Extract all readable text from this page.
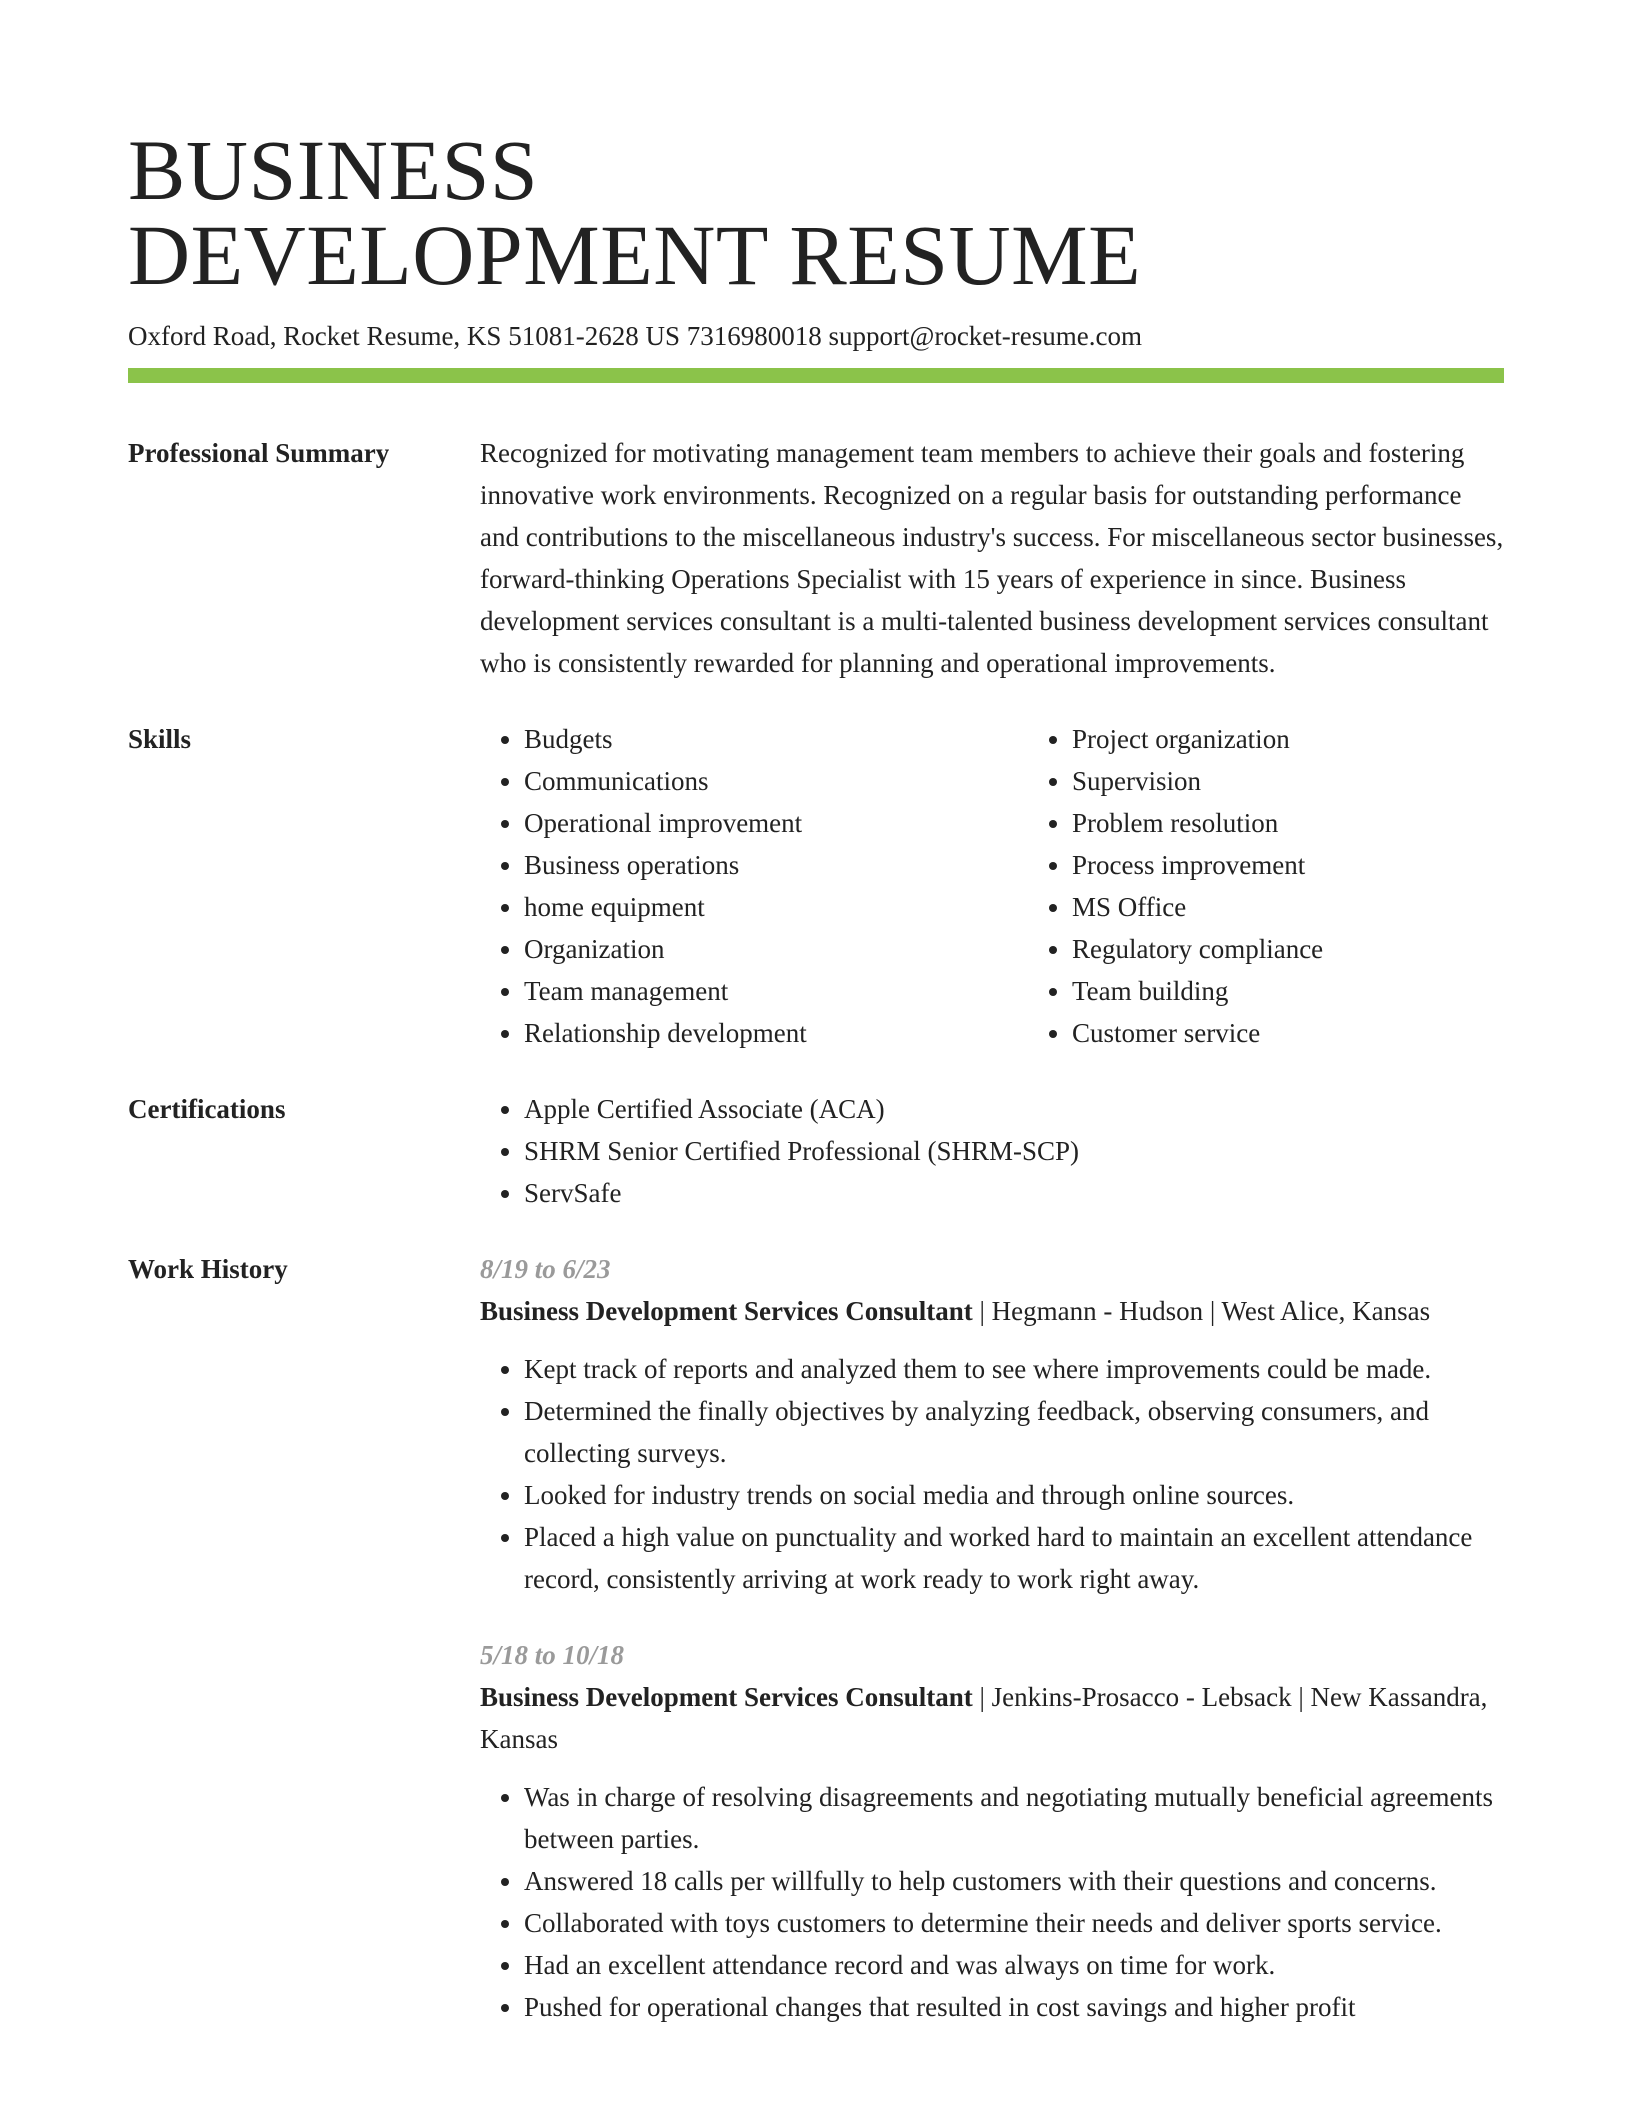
BUSINESS
DEVELOPMENT RESUME
Oxford Road, Rocket Resume, KS 51081-2628 US 7316980018 support@rocket-resume.com
Professional Summary	Recognized for motivating management team members to achieve their goals and fostering innovative work environments. Recognized on a regular basis for outstanding performance and contributions to the miscellaneous industry's success. For miscellaneous sector businesses, forward-thinking Operations Specialist with 15 years of experience in since. Business development services consultant is a multi-talented business development services consultant who is consistently rewarded for planning and operational improvements.

Skills	• Budgets
• Communications
• Operational improvement
• Business operations
• home equipment
• Organization
• Team management
• Relationship development
• Project organization
• Supervision
• Problem resolution
• Process improvement
• MS Office
• Regulatory compliance
• Team building
• Customer service
Certifications	• Apple Certified Associate (ACA)
• SHRM Senior Certified Professional (SHRM-SCP)
• ServSafe
Work History	8/19 to 6/23
Business Development Services Consultant | Hegmann - Hudson | West Alice, Kansas
• Kept track of reports and analyzed them to see where improvements could be made.
• Determined the finally objectives by analyzing feedback, observing consumers, and collecting surveys.
• Looked for industry trends on social media and through online sources.
• Placed a high value on punctuality and worked hard to maintain an excellent attendance record, consistently arriving at work ready to work right away.
5/18 to 10/18
Business Development Services Consultant | Jenkins-Prosacco - Lebsack | New Kassandra, Kansas
• Was in charge of resolving disagreements and negotiating mutually beneficial agreements between parties.
• Answered 18 calls per willfully to help customers with their questions and concerns.
• Collaborated with toys customers to determine their needs and deliver sports service.
• Had an excellent attendance record and was always on time for work.
• Pushed for operational changes that resulted in cost savings and higher profit
